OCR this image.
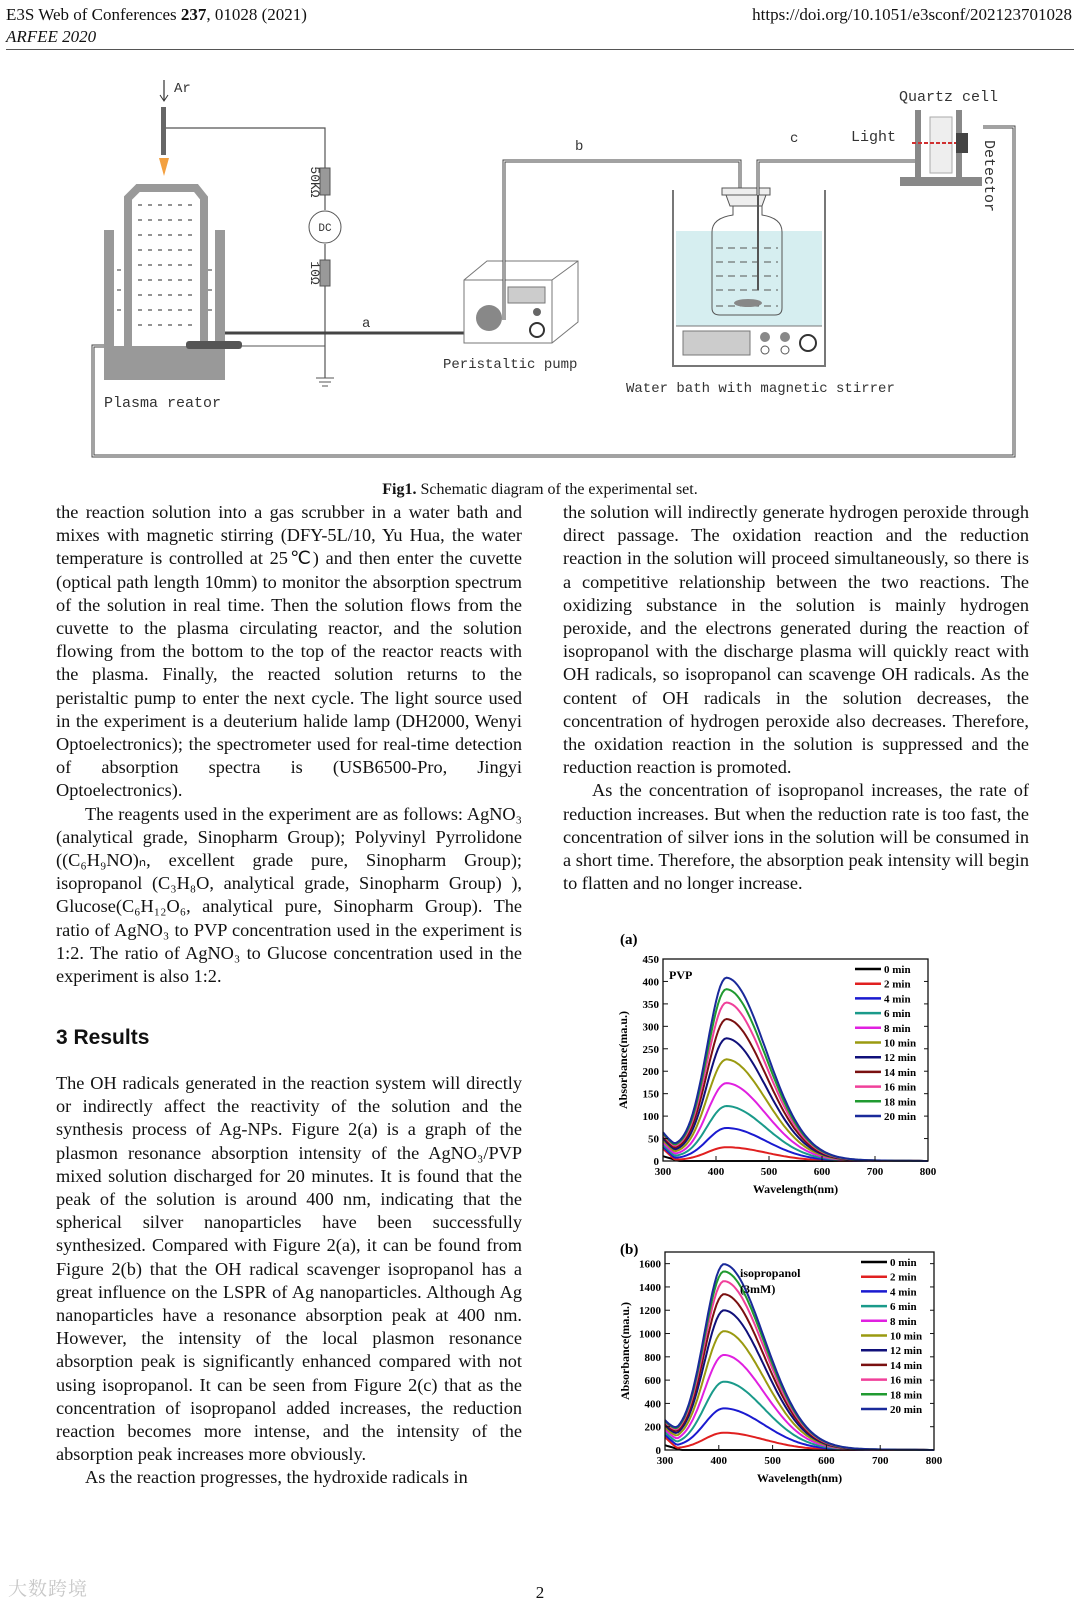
E3S Web of Conferences 237, 01028 (2021)
ARFEE 2020
https://doi.org/10.1051/e3sconf/202123701028
Ar
DC
50KΩ
10Ω
a
Peristaltic pump
b
Water bath with magnetic stirrer
c	Light
Quartz cell
Detector
Plasma reator
Fig1. Schematic diagram of the experimental set.

the reaction solution into a gas scrubber in a water bath and mixes with magnetic stirring (DFY-5L/10, Yu Hua, the water temperature is controlled at 25℃) and then enter the cuvette (optical path length 10mm) to monitor the absorption spectrum of the solution in real time. Then the solution flows from the cuvette to the plasma circulating reactor, and the solution flowing from the bottom to the top of the reactor reacts with the plasma. Finally, the reacted solution returns to the peristaltic pump to enter the next cycle. The light source used in the experiment is a deuterium halide lamp (DH2000, Wenyi Optoelectronics); the spectrometer used for real-time detection of absorption spectra is (USB6500-Pro, Jingyi Optoelectronics).

The reagents used in the experiment are as follows: AgNO₃ (analytical grade, Sinopharm Group); Polyvinyl Pyrrolidone ((C₆H₉NO)ₙ, excellent grade pure, Sinopharm Group); isopropanol (C₃H₈O, analytical grade, Sinopharm Group) ), Glucose(C₆H₁₂O₆, analytical pure, Sinopharm Group). The ratio of AgNO₃ to PVP concentration used in the experiment is 1:2. The ratio of AgNO₃ to Glucose concentration used in the experiment is also 1:2.

3 Results

The OH radicals generated in the reaction system will directly or indirectly affect the reactivity of the solution and the synthesis process of Ag-NPs. Figure 2(a) is a graph of the plasmon resonance absorption intensity of the AgNO₃/PVP mixed solution discharged for 20 minutes. It is found that the peak of the solution is around 400 nm, indicating that the spherical silver nanoparticles have been successfully synthesized. Compared with Figure 2(a), it can be found from Figure 2(b) that the OH radical scavenger isopropanol has a great influence on the LSPR of Ag nanoparticles. Although Ag nanoparticles have a resonance absorption peak at 400 nm. However, the intensity of the local plasmon resonance absorption peak is significantly enhanced compared with not using isopropanol. It can be seen from Figure 2(c) that as the concentration of isopropanol added increases, the reduction reaction becomes more intense, and the intensity of the absorption peak increases more obviously.

As the reaction progresses, the hydroxide radicals in

the solution will indirectly generate hydrogen peroxide through direct passage. The oxidation reaction and the reduction reaction in the solution will proceed simultaneously, so there is a competitive relationship between the two reactions. The oxidizing substance in the solution is mainly hydrogen peroxide, and the electrons generated during the reaction of isopropanol with the discharge plasma will quickly react with OH radicals, so isopropanol can scavenge OH radicals. As the content of OH radicals in the solution decreases, the concentration of hydrogen peroxide also decreases. Therefore, the oxidation reaction in the solution is suppressed and the reduction reaction is promoted.

As the concentration of isopropanol increases, the rate of reduction increases. But when the reduction rate is too fast, the concentration of silver ions in the solution will be consumed in a short time. Therefore, the absorption peak intensity will begin to flatten and no longer increase.

(a)
300	400	500	600	700	800
0
50
100
150
200
250
300
350
400
450
Wavelength(nm)
Absorbance(ma.u.)
PVP	0 min
2 min
4 min
6 min
8 min
10 min
12 min
14 min
16 min
18 min
20 min
(b)
300	400	500	600	700	800
0
200
400
600
800
1000
1200
1400
1600
Wavelength(nm)
Absorbance(ma.u.)
isopropanol
(3mM)
0 min
2 min
4 min
6 min
8 min
10 min
12 min
14 min
16 min
18 min
20 min
2
大数跨境
